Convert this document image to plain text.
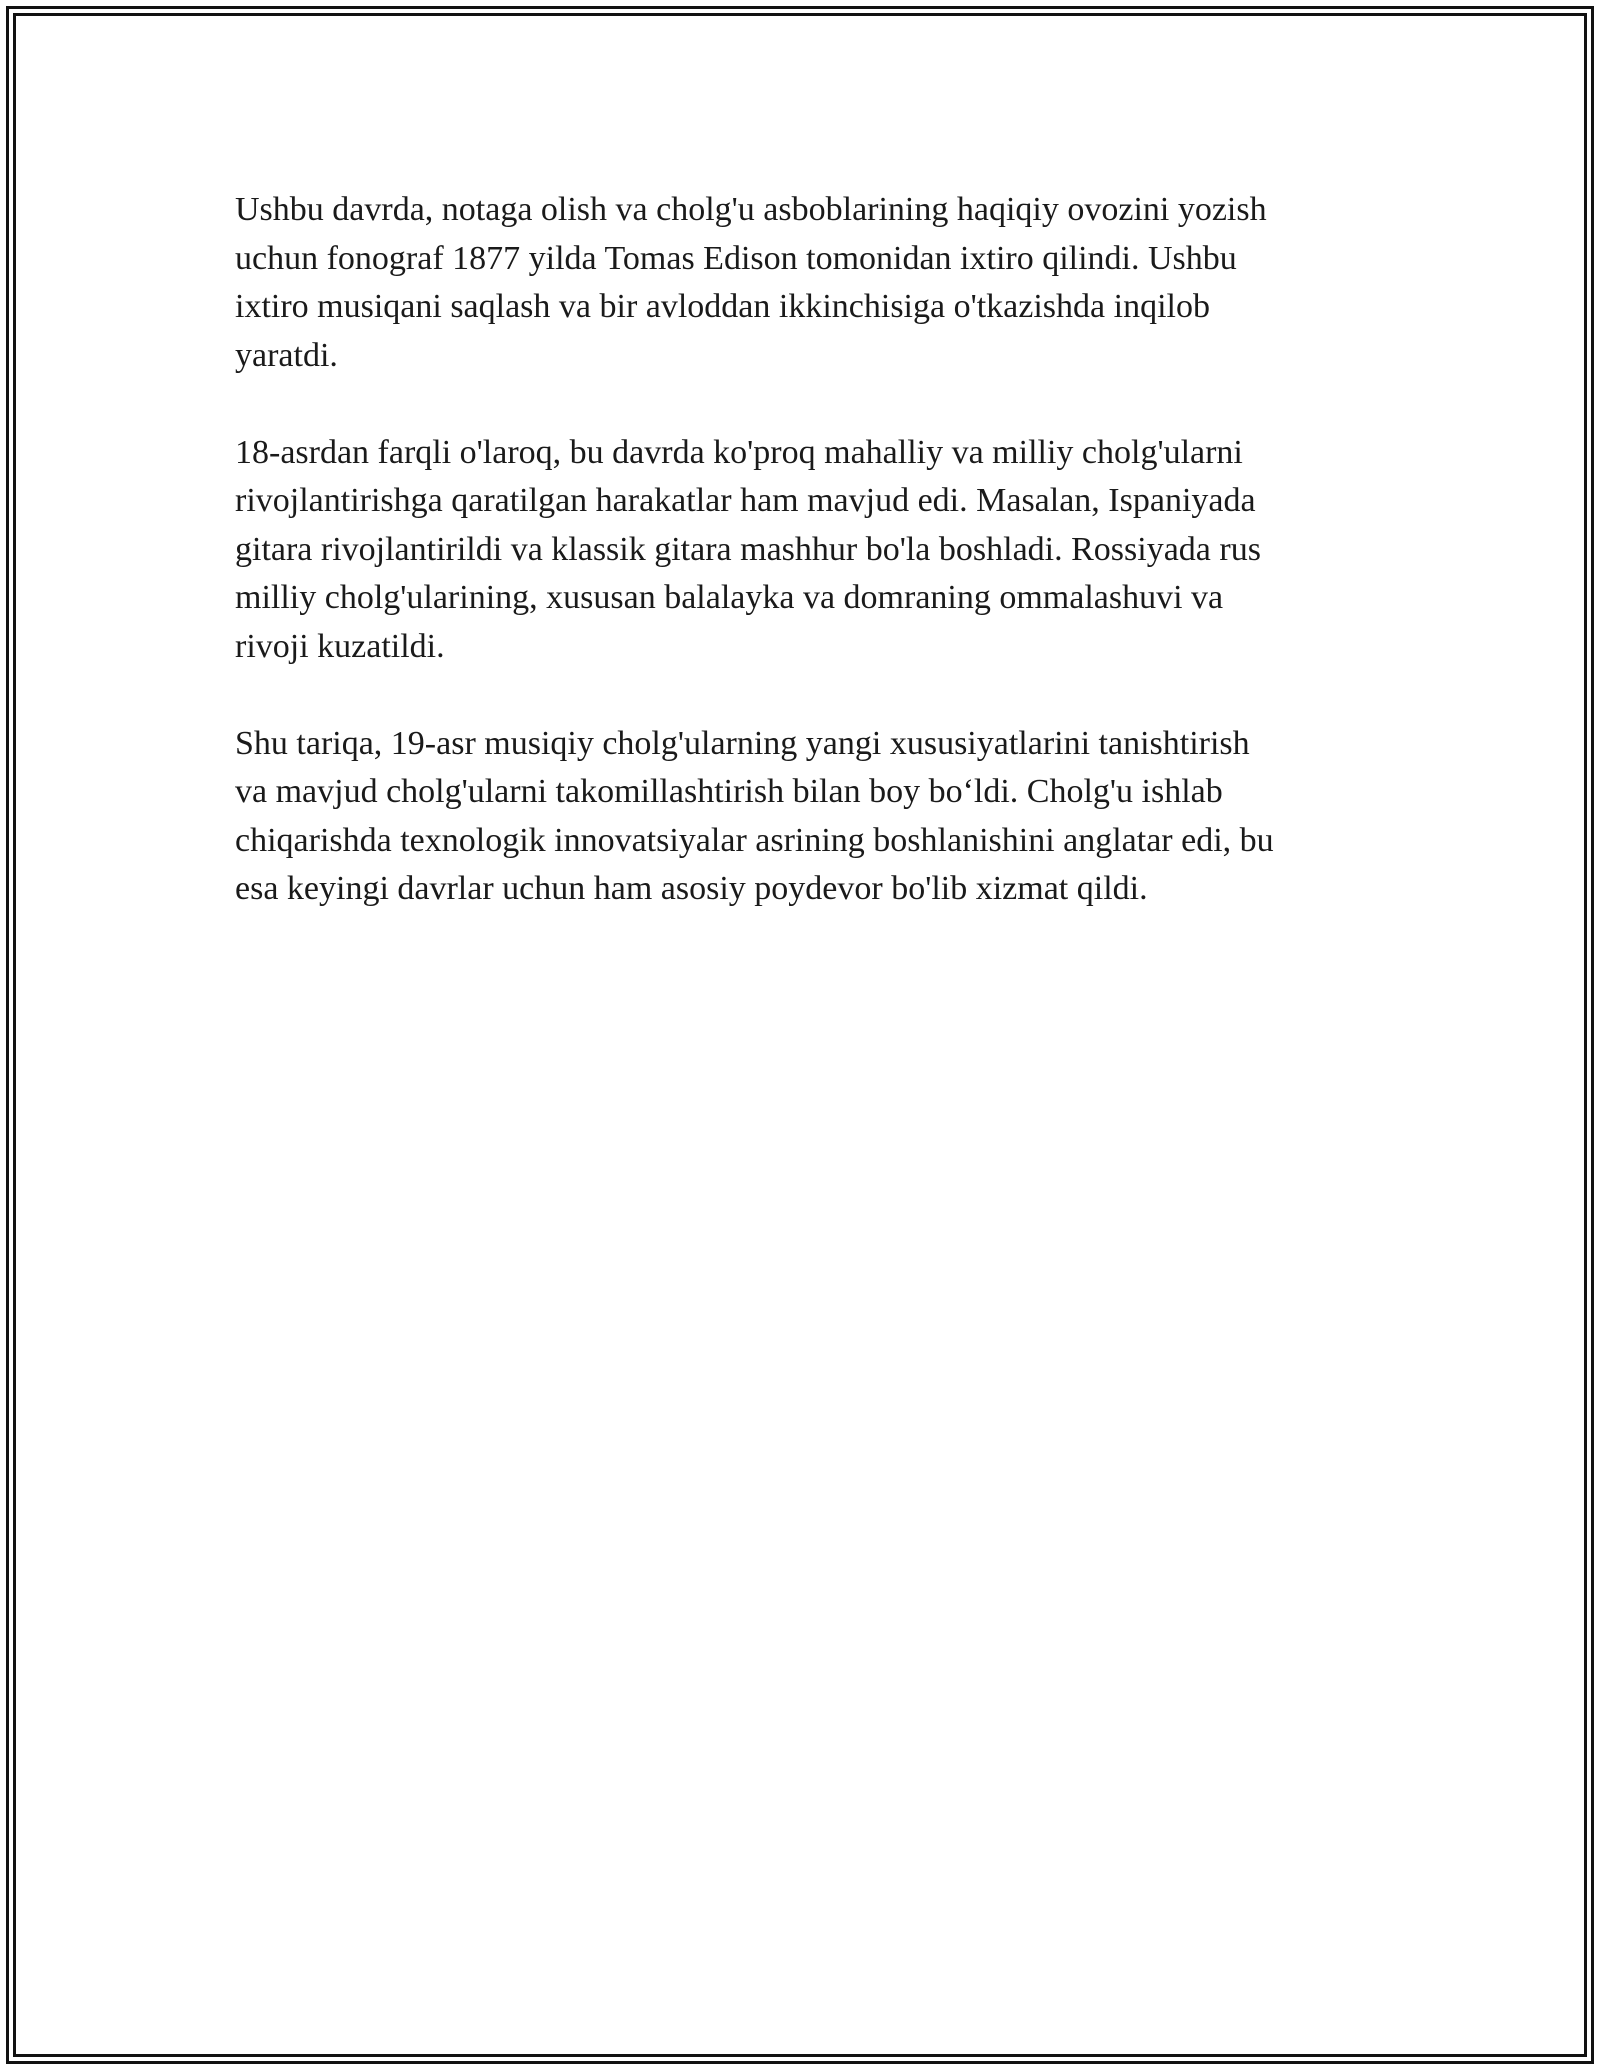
Ushbu davrda, notaga olish va cholg'u asboblarining haqiqiy ovozini yozish
uchun fonograf 1877 yilda Tomas Edison tomonidan ixtiro qilindi. Ushbu
ixtiro musiqani saqlash va bir avloddan ikkinchisiga o'tkazishda inqilob
yaratdi.

18-asrdan farqli o'laroq, bu davrda ko'proq mahalliy va milliy cholg'ularni
rivojlantirishga qaratilgan harakatlar ham mavjud edi. Masalan, Ispaniyada
gitara rivojlantirildi va klassik gitara mashhur bo'la boshladi. Rossiyada rus
milliy cholg'ularining, xususan balalayka va domraning ommalashuvi va
rivoji kuzatildi.

Shu tariqa, 19-asr musiqiy cholg'ularning yangi xususiyatlarini tanishtirish
va mavjud cholg'ularni takomillashtirish bilan boy bo‘ldi. Cholg'u ishlab
chiqarishda texnologik innovatsiyalar asrining boshlanishini anglatar edi, bu
esa keyingi davrlar uchun ham asosiy poydevor bo'lib xizmat qildi.
